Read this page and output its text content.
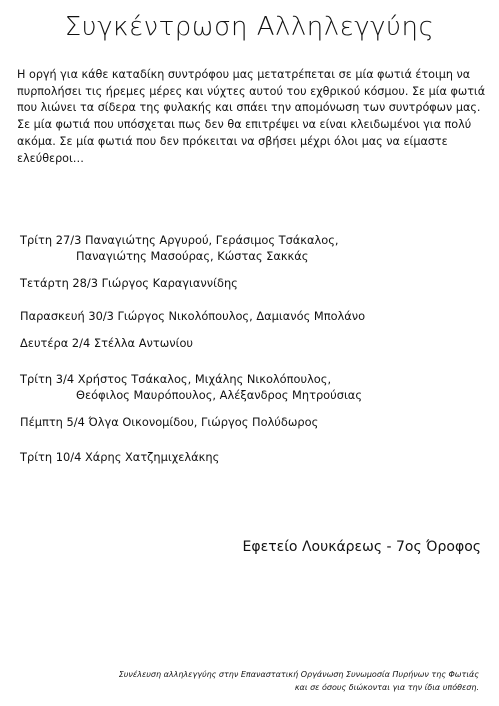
Συγκέντρωση Αλληλεγγύης
Η οργή για κάθε καταδίκη συντρόφου μας μετατρέπεται σε μία φωτιά έτοιμη να πυρπολήσει τις ήρεμες μέρες και νύχτες αυτού του εχθρικού κόσμου. Σε μία φωτιά που λιώνει τα σίδερα της φυλακής και σπάει την απομόνωση των συντρόφων μας. Σε μία φωτιά που υπόσχεται πως δεν θα επιτρέψει να είναι κλειδωμένοι για πολύ ακόμα. Σε μία φωτιά που δεν πρόκειται να σβήσει μέχρι όλοι μας να είμαστε ελεύθεροι…
Τρίτη 27/3 Παναγιώτης Αργυρού, Γεράσιμος Τσάκαλος,
Παναγιώτης Μασούρας, Κώστας Σακκάς
Τετάρτη 28/3 Γιώργος Καραγιαννίδης
Παρασκευή 30/3 Γιώργος Νικολόπουλος, Δαμιανός Μπολάνο
Δευτέρα 2/4 Στέλλα Αντωνίου
Τρίτη 3/4 Χρήστος Τσάκαλος, Μιχάλης Νικολόπουλος,
Θεόφιλος Μαυρόπουλος, Αλέξανδρος Μητρούσιας
Πέμπτη 5/4 Όλγα Οικονομίδου, Γιώργος Πολύδωρος
Τρίτη 10/4 Χάρης Χατζημιχελάκης
Εφετείο Λουκάρεως - 7ος Όροφος
Συνέλευση αλληλεγγύης στην Επαναστατική Οργάνωση Συνωμοσία Πυρήνων της Φωτιάς
και σε όσους διώκονται για την ίδια υπόθεση.
